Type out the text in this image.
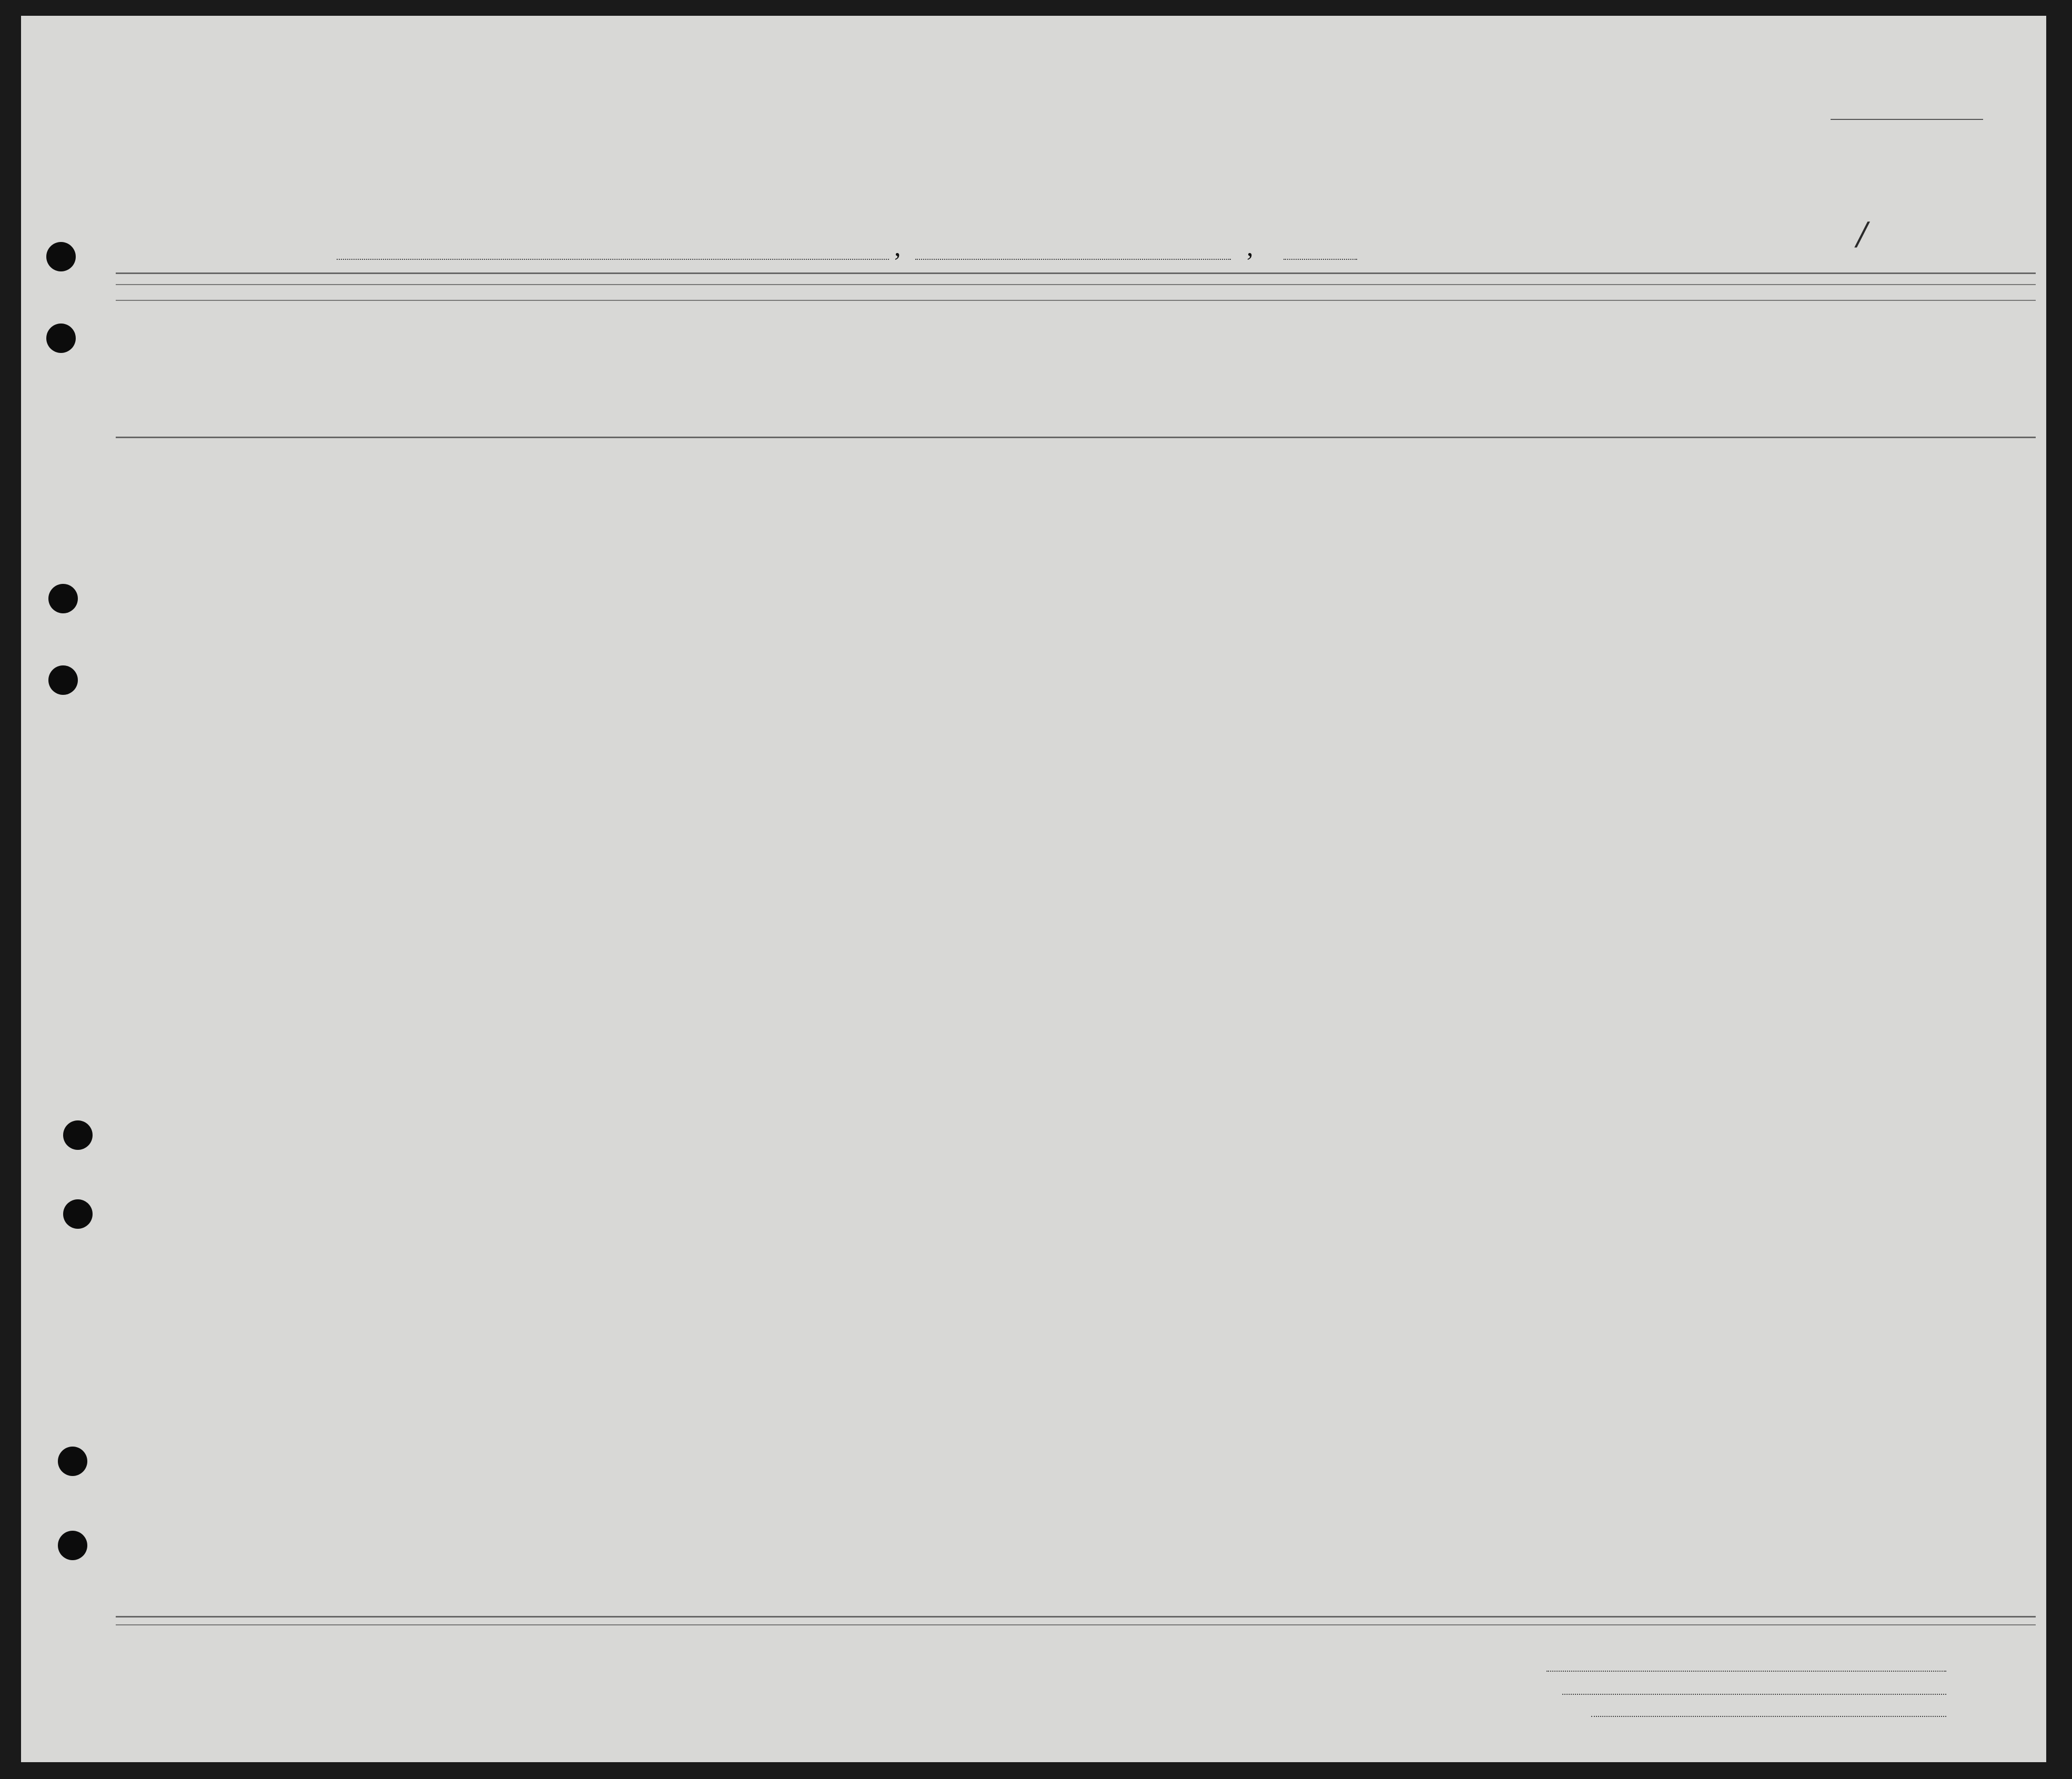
,	,	/
